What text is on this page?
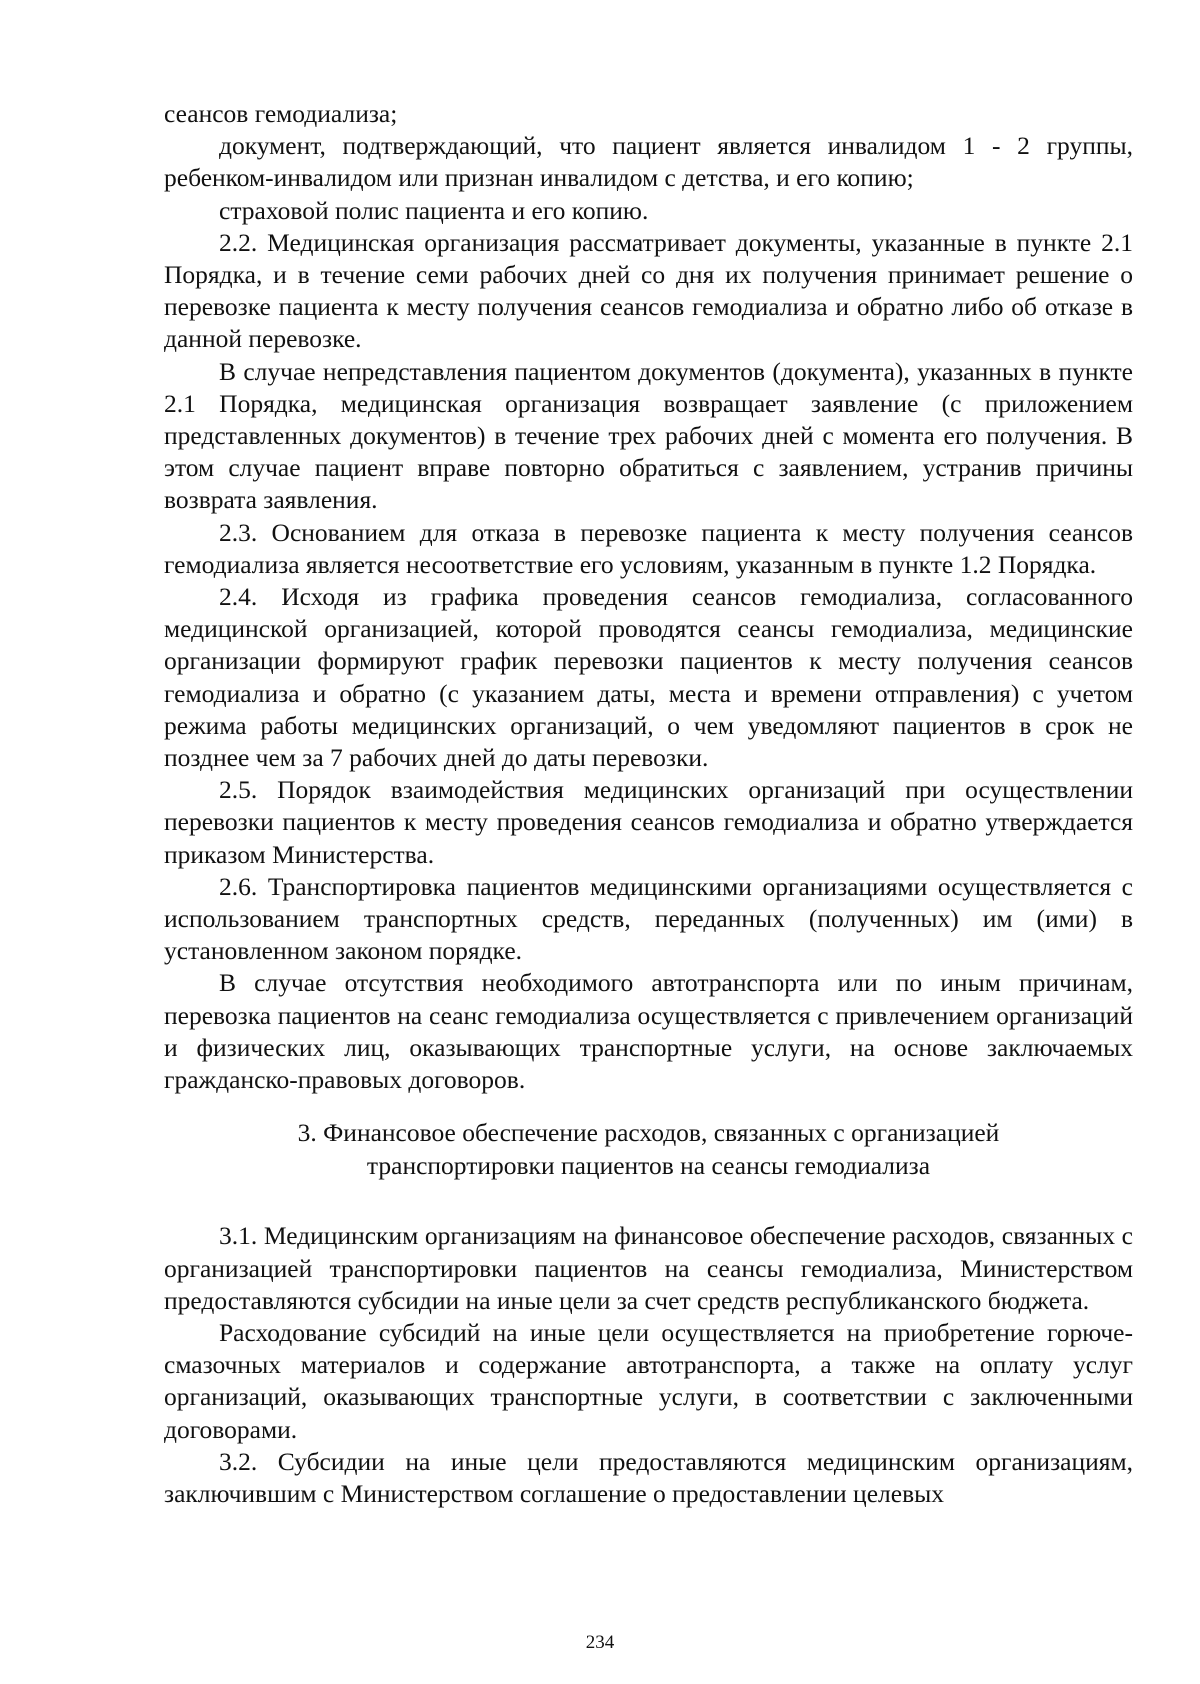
сеансов гемодиализа;

документ, подтверждающий, что пациент является инвалидом 1 - 2 группы, ребенком-инвалидом или признан инвалидом с детства, и его копию;

страховой полис пациента и его копию.

2.2. Медицинская организация рассматривает документы, указанные в пункте 2.1 Порядка, и в течение семи рабочих дней со дня их получения принимает решение о перевозке пациента к месту получения сеансов гемодиализа и обратно либо об отказе в данной перевозке.

В случае непредставления пациентом документов (документа), указанных в пункте 2.1 Порядка, медицинская организация возвращает заявление (с приложением представленных документов) в течение трех рабочих дней с момента его получения. В этом случае пациент вправе повторно обратиться с заявлением, устранив причины возврата заявления.

2.3. Основанием для отказа в перевозке пациента к месту получения сеансов гемодиализа является несоответствие его условиям, указанным в пункте 1.2 Порядка.

2.4. Исходя из графика проведения сеансов гемодиализа, согласованного медицинской организацией, которой проводятся сеансы гемодиализа, медицинские организации формируют график перевозки пациентов к месту получения сеансов гемодиализа и обратно (с указанием даты, места и времени отправления) с учетом режима работы медицинских организаций, о чем уведомляют пациентов в срок не позднее чем за 7 рабочих дней до даты перевозки.

2.5. Порядок взаимодействия медицинских организаций при осуществлении перевозки пациентов к месту проведения сеансов гемодиализа и обратно утверждается приказом Министерства.

2.6. Транспортировка пациентов медицинскими организациями осуществляется с использованием транспортных средств, переданных (полученных) им (ими) в установленном законом порядке.

В случае отсутствия необходимого автотранспорта или по иным причинам, перевозка пациентов на сеанс гемодиализа осуществляется с привлечением организаций и физических лиц, оказывающих транспортные услуги, на основе заключаемых гражданско-правовых договоров.

3. Финансовое обеспечение расходов, связанных с организацией
транспортировки пациентов на сеансы гемодиализа

3.1. Медицинским организациям на финансовое обеспечение расходов, связанных с организацией транспортировки пациентов на сеансы гемодиализа, Министерством предоставляются субсидии на иные цели за счет средств республиканского бюджета.

Расходование субсидий на иные цели осуществляется на приобретение горюче-смазочных материалов и содержание автотранспорта, а также на оплату услуг организаций, оказывающих транспортные услуги, в соответствии с заключенными договорами.

3.2. Субсидии на иные цели предоставляются медицинским организациям, заключившим с Министерством соглашение о предоставлении целевых

234
